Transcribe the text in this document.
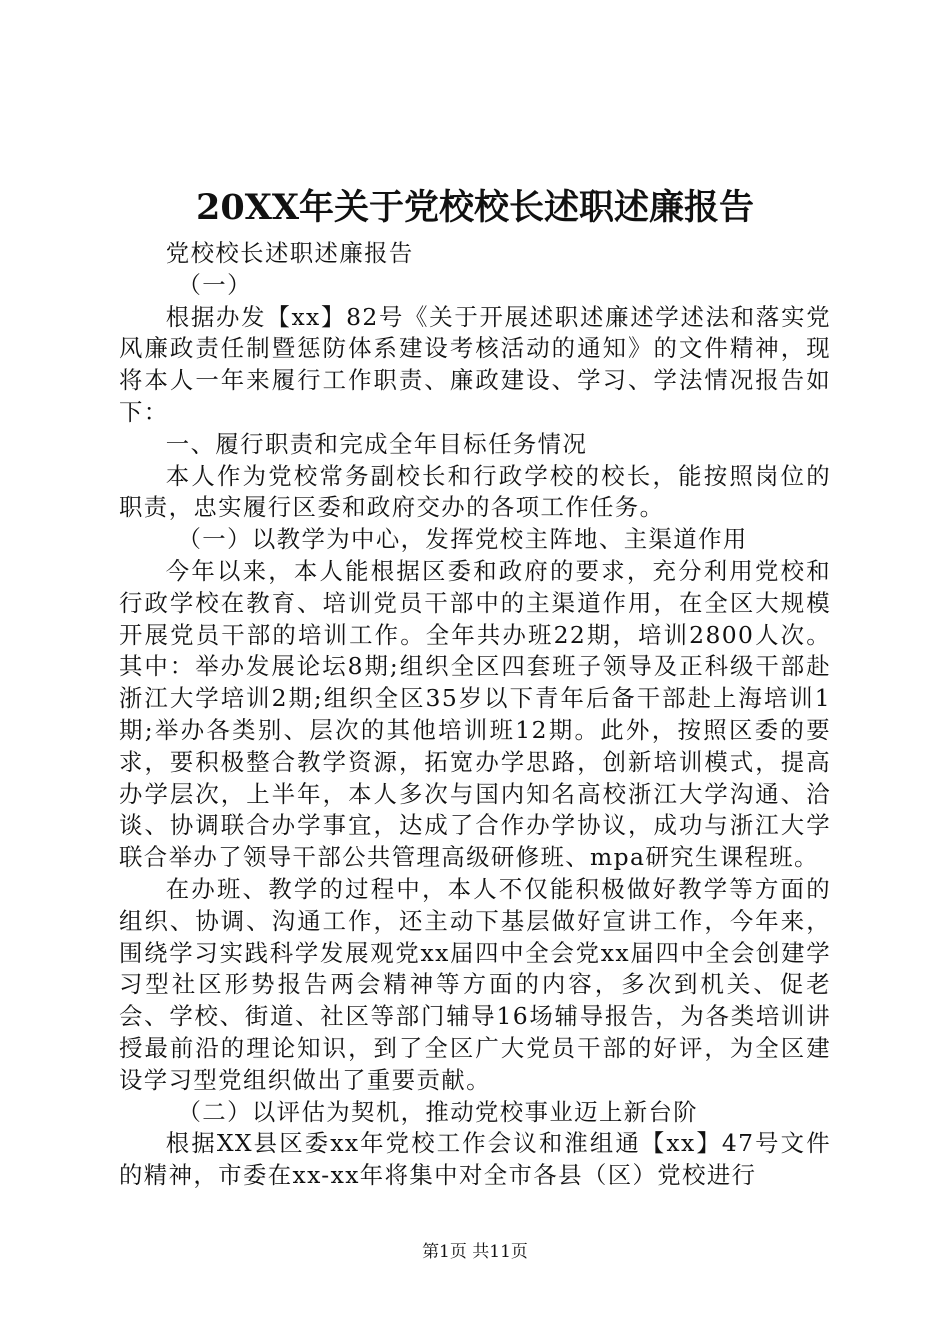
20XX年关于党校校长述职述廉报告

党校校长述职述廉报告

（一）

根据办发【xx】82号《关于开展述职述廉述学述法和落实党风廉政责任制暨惩防体系建设考核活动的通知》的文件精神，现将本人一年来履行工作职责、廉政建设、学习、学法情况报告如下：

一、履行职责和完成全年目标任务情况

本人作为党校常务副校长和行政学校的校长，能按照岗位的职责，忠实履行区委和政府交办的各项工作任务。

（一）以教学为中心，发挥党校主阵地、主渠道作用

今年以来，本人能根据区委和政府的要求，充分利用党校和行政学校在教育、培训党员干部中的主渠道作用，在全区大规模开展党员干部的培训工作。全年共办班22期，培训2800人次。其中：举办发展论坛8期;组织全区四套班子领导及正科级干部赴浙江大学培训2期;组织全区35岁以下青年后备干部赴上海培训1期;举办各类别、层次的其他培训班12期。此外，按照区委的要求，要积极整合教学资源，拓宽办学思路，创新培训模式，提高办学层次，上半年，本人多次与国内知名高校浙江大学沟通、洽谈、协调联合办学事宜，达成了合作办学协议，成功与浙江大学联合举办了领导干部公共管理高级研修班、mpa研究生课程班。

在办班、教学的过程中，本人不仅能积极做好教学等方面的组织、协调、沟通工作，还主动下基层做好宣讲工作，今年来，围绕学习实践科学发展观党xx届四中全会党xx届四中全会创建学习型社区形势报告两会精神等方面的内容，多次到机关、促老会、学校、街道、社区等部门辅导16场辅导报告，为各类培训讲授最前沿的理论知识，到了全区广大党员干部的好评，为全区建设学习型党组织做出了重要贡献。

（二）以评估为契机，推动党校事业迈上新台阶

根据XX县区委xx年党校工作会议和淮组通【xx】47号文件的精神，市委在xx-xx年将集中对全市各县（区）党校进行

第1页 共11页
